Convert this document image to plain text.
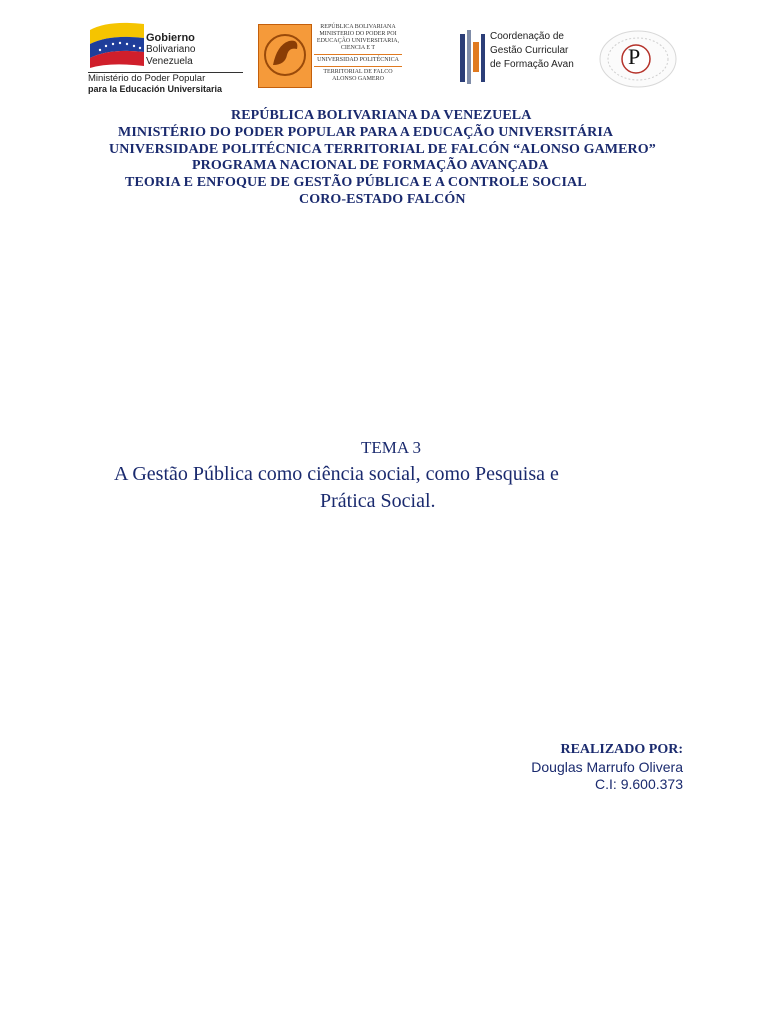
Gobierno
Bolivariano
Venezuela
Ministério do Poder Popular
para la Educación Universitaria
REPÚBLICA BOLIVARIANA
MINISTERIO DO PODER POI
EDUCAÇÃO UNIVERSITARIA, CIENCIA E T
UNIVERSIDAD POLITÉCNICA
TERRITORIAL DE FALCO
ALONSO GAMERO
Coordenação de
Gestão Curricular
de Formação Avan P
REPÚBLICA BOLIVARIANA DA VENEZUELA
MINISTÉRIO DO PODER POPULAR PARA A EDUCAÇÃO UNIVERSITÁRIA
UNIVERSIDADE POLITÉCNICA TERRITORIAL DE FALCÓN “ALONSO GAMERO”
PROGRAMA NACIONAL DE FORMAÇÃO AVANÇADA
TEORIA E ENFOQUE DE GESTÃO PÚBLICA E A CONTROLE SOCIAL
CORO-ESTADO FALCÓN
TEMA 3
A Gestão Pública como ciência social, como Pesquisa e
Prática Social.
REALIZADO POR:
Douglas Marrufo Olivera
C.I: 9.600.373
